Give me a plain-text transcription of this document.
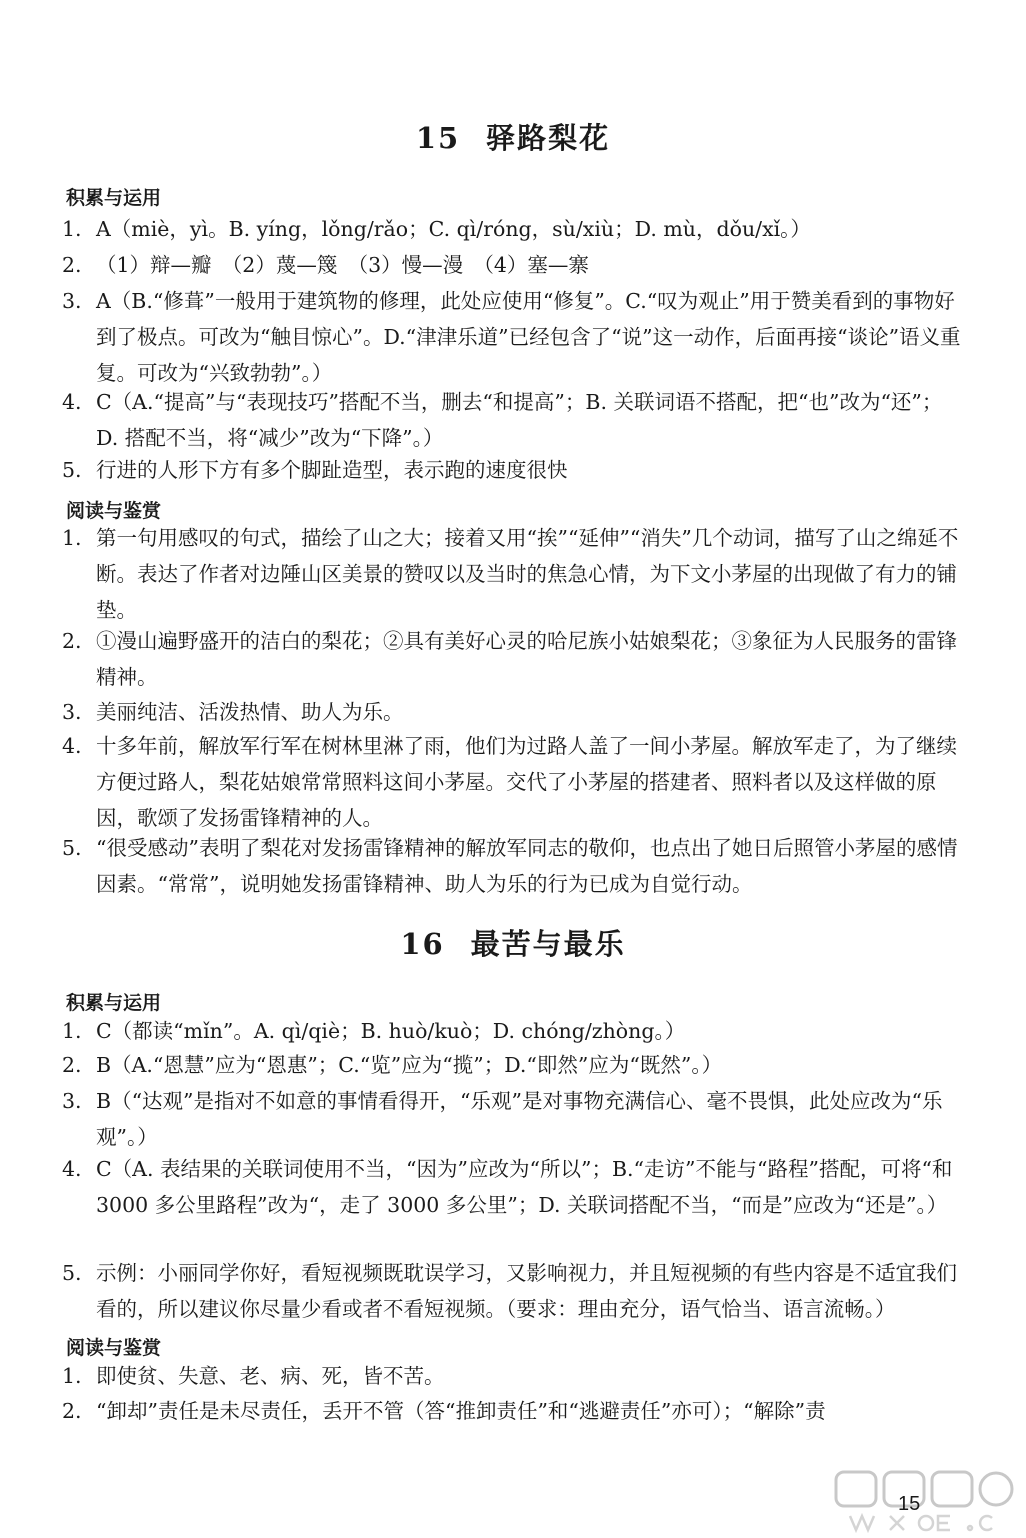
15 驿路梨花
积累与运用
1. A（miè，yì。B. yíng，lǒng/rǎo；C. qì/róng，sù/xiù；D. mù，dǒu/xǐ。）
2. （1）辩—瓣　（2）蔑—篾　（3）慢—漫　（4）塞—寨
3. A（B.“修葺”一般用于建筑物的修理，此处应使用“修复”。C.“叹为观止”用于赞美看到的事物好到了极点。可改为“触目惊心”。D.“津津乐道”已经包含了“说”这一动作，后面再接“谈论”语义重复。可改为“兴致勃勃”。）
4. C（A.“提高”与“表现技巧”搭配不当，删去“和提高”；B. 关联词语不搭配，把“也”改为“还”；D. 搭配不当，将“减少”改为“下降”。）
5. 行进的人形下方有多个脚趾造型，表示跑的速度很快
阅读与鉴赏
1. 第一句用感叹的句式，描绘了山之大；接着又用“挨”“延伸”“消失”几个动词，描写了山之绵延不断。表达了作者对边陲山区美景的赞叹以及当时的焦急心情，为下文小茅屋的出现做了有力的铺垫。
2. ①漫山遍野盛开的洁白的梨花；②具有美好心灵的哈尼族小姑娘梨花；③象征为人民服务的雷锋精神。
3. 美丽纯洁、活泼热情、助人为乐。
4. 十多年前，解放军行军在树林里淋了雨，他们为过路人盖了一间小茅屋。解放军走了，为了继续方便过路人，梨花姑娘常常照料这间小茅屋。交代了小茅屋的搭建者、照料者以及这样做的原因，歌颂了发扬雷锋精神的人。
5. “很受感动”表明了梨花对发扬雷锋精神的解放军同志的敬仰，也点出了她日后照管小茅屋的感情因素。“常常”，说明她发扬雷锋精神、助人为乐的行为已成为自觉行动。
16 最苦与最乐
积累与运用
1. C（都读“mǐn”。A. qì/qiè；B. huò/kuò；D. chóng/zhòng。）
2. B（A.“恩慧”应为“恩惠”；C.“览”应为“揽”；D.“即然”应为“既然”。）
3. B（“达观”是指对不如意的事情看得开，“乐观”是对事物充满信心、毫不畏惧，此处应改为“乐观”。）
4. C（A. 表结果的关联词使用不当，“因为”应改为“所以”；B.“走访”不能与“路程”搭配，可将“和 3000 多公里路程”改为“，走了 3000 多公里”；D. 关联词搭配不当，“而是”应改为“还是”。）
5. 示例：小丽同学你好，看短视频既耽误学习，又影响视力，并且短视频的有些内容是不适宜我们看的，所以建议你尽量少看或者不看短视频。（要求：理由充分，语气恰当、语言流畅。）
阅读与鉴赏
1. 即使贫、失意、老、病、死，皆不苦。
2. “卸却”责任是未尽责任，丢开不管（答“推卸责任”和“逃避责任”亦可）；“解除”责
15
